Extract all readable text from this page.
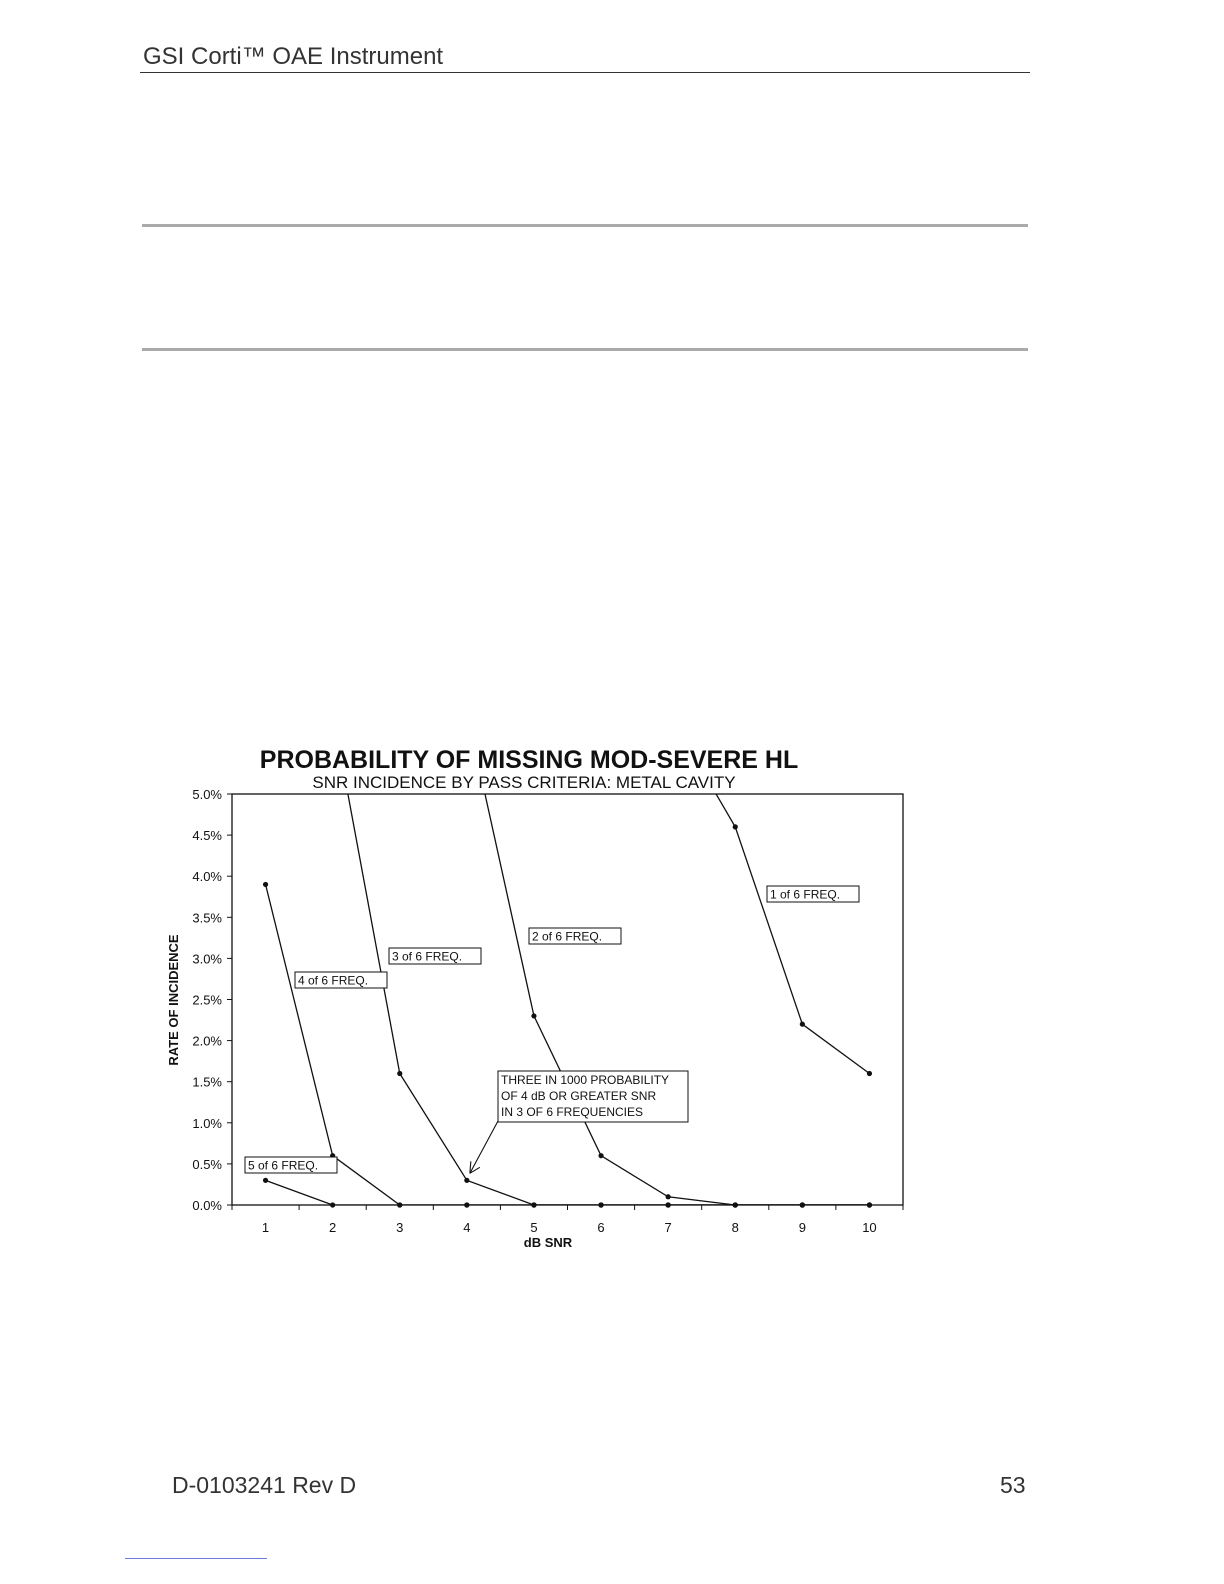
GSI Corti™ OAE Instrument
PROBABILITY OF MISSING MOD-SEVERE HL
SNR INCIDENCE BY PASS CRITERIA: METAL CAVITY
0.0%
0.5%
1.0%
1.5%
2.0%
2.5%
3.0%
3.5%
4.0%
4.5%
5.0%
1	2	3	4	5	6	7	8	9	10
dB SNR
RATE OF INCIDENCE
5 of 6 FREQ.
4 of 6 FREQ.
3 of 6 FREQ.
2 of 6 FREQ.
1 of 6 FREQ.
THREE IN 1000 PROBABILITY
OF 4 dB OR GREATER SNR
IN 3 OF 6 FREQUENCIES
D-0103241 Rev D	53
